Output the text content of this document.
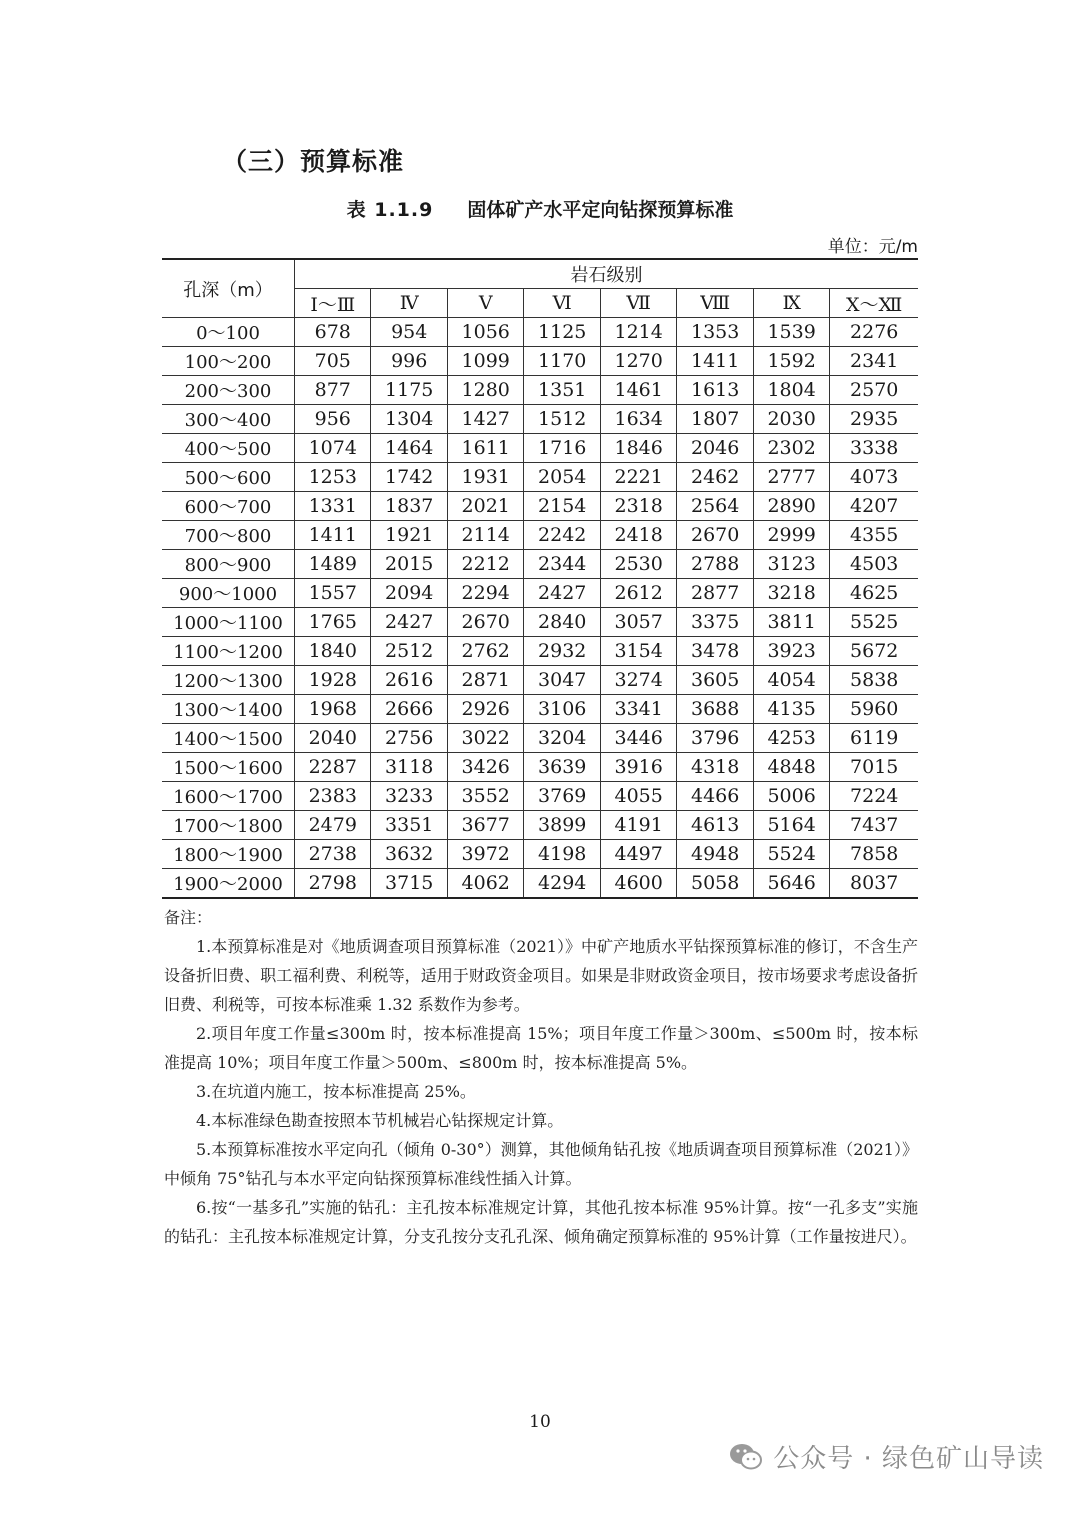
（三）预算标准
表 1.1.9 固体矿产水平定向钻探预算标准
单位：元/m
孔深（m）	岩石级别							
	Ⅰ～Ⅲ	Ⅳ	Ⅴ	Ⅵ	Ⅶ	Ⅷ	Ⅸ	Ⅹ～Ⅻ
0～100	678	954	1056	1125	1214	1353	1539	2276
100～200	705	996	1099	1170	1270	1411	1592	2341
200～300	877	1175	1280	1351	1461	1613	1804	2570
300～400	956	1304	1427	1512	1634	1807	2030	2935
400～500	1074	1464	1611	1716	1846	2046	2302	3338
500～600	1253	1742	1931	2054	2221	2462	2777	4073
600～700	1331	1837	2021	2154	2318	2564	2890	4207
700～800	1411	1921	2114	2242	2418	2670	2999	4355
800～900	1489	2015	2212	2344	2530	2788	3123	4503
900～1000	1557	2094	2294	2427	2612	2877	3218	4625
1000～1100	1765	2427	2670	2840	3057	3375	3811	5525
1100～1200	1840	2512	2762	2932	3154	3478	3923	5672
1200～1300	1928	2616	2871	3047	3274	3605	4054	5838
1300～1400	1968	2666	2926	3106	3341	3688	4135	5960
1400～1500	2040	2756	3022	3204	3446	3796	4253	6119
1500～1600	2287	3118	3426	3639	3916	4318	4848	7015
1600～1700	2383	3233	3552	3769	4055	4466	5006	7224
1700～1800	2479	3351	3677	3899	4191	4613	5164	7437
1800～1900	2738	3632	3972	4198	4497	4948	5524	7858
1900～2000	2798	3715	4062	4294	4600	5058	5646	8037

备注：

1.本预算标准是对《地质调查项目预算标准（2021）》中矿产地质水平钻探预算标准的修订，不含生产设备折旧费、职工福利费、利税等，适用于财政资金项目。如果是非财政资金项目，按市场要求考虑设备折旧费、利税等，可按本标准乘 1.32 系数作为参考。

2.项目年度工作量≤300m 时，按本标准提高 15%；项目年度工作量＞300m、≤500m 时，按本标准提高 10%；项目年度工作量＞500m、≤800m 时，按本标准提高 5%。

3.在坑道内施工，按本标准提高 25%。

4.本标准绿色勘查按照本节机械岩心钻探规定计算。

5.本预算标准按水平定向孔（倾角 0-30°）测算，其他倾角钻孔按《地质调查项目预算标准（2021）》中倾角 75°钻孔与本水平定向钻探预算标准线性插入计算。

6.按“一基多孔”实施的钻孔：主孔按本标准规定计算，其他孔按本标准 95%计算。按“一孔多支”实施的钻孔：主孔按本标准规定计算，分支孔按分支孔孔深、倾角确定预算标准的 95%计算（工作量按进尺）。

10
公众号 · 绿色矿山导读
